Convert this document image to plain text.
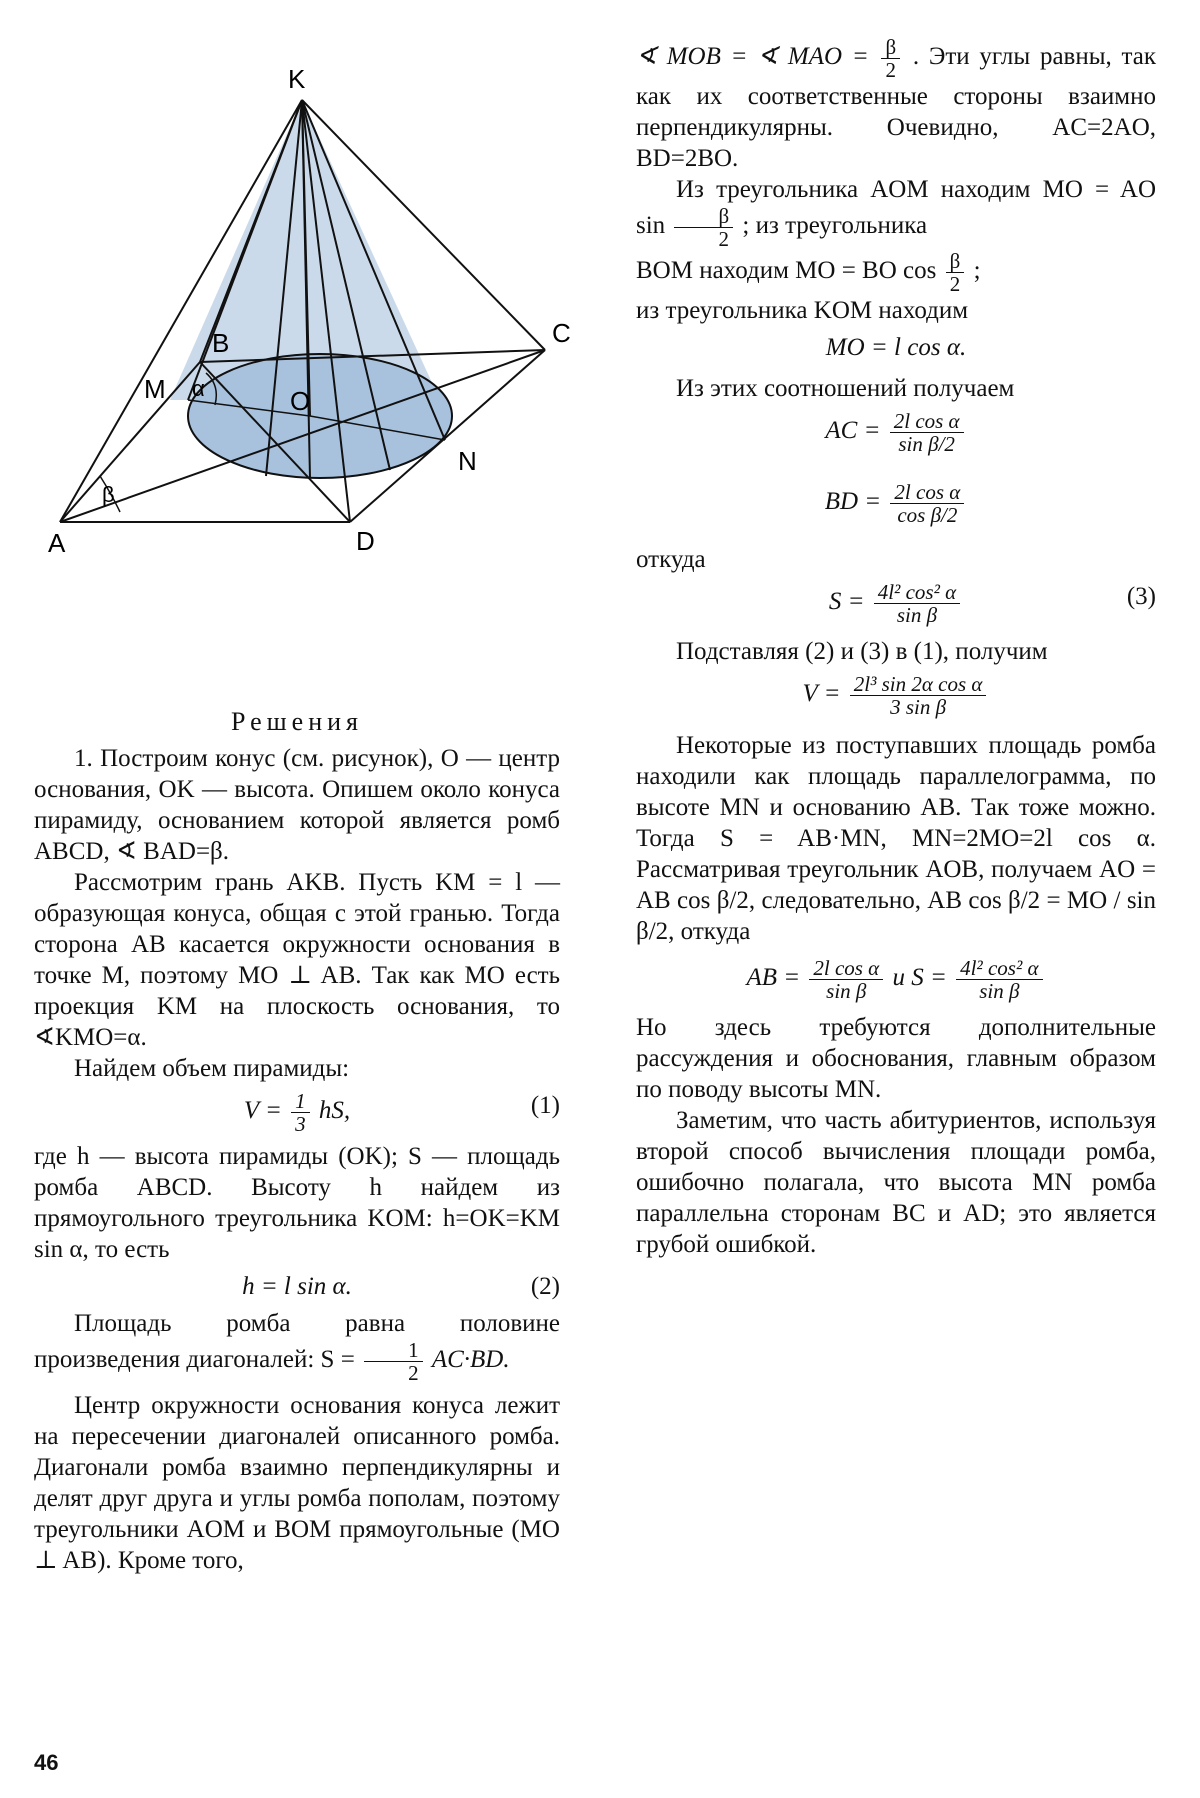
K
B	C
M α	O
N
A
β
D

Решения

1. Построим конус (см. рисунок), O — центр основания, OK — высота. Опишем около конуса пирамиду, основанием которой является ромб ABCD, ∢ BAD=β.

Рассмотрим грань AKB. Пусть KM = l — образующая конуса, общая с этой гранью. Тогда сторона AB касается окружности основания в точке M, поэтому MO ⊥ AB. Так как MO есть проекция KM на плоскость основания, то ∢KMO=α.

Найдем объем пирамиды:

$V = \frac{1}{3}$ hS,	(1)

где h — высота пирамиды (OK); S — площадь ромба ABCD. Высоту h найдем из прямоугольного треугольника KOM: h=OK=KM sin α, то есть

h = l sin α.	(2)

Площадь ромба равна половине произведения диагоналей: $S = \frac{1}{2} AC\cdot BD$.

Центр окружности основания конуса лежит на пересечении диагоналей описанного ромба. Диагонали ромба взаимно перпендикулярны и делят друг друга и углы ромба пополам, поэтому треугольники AOM и BOM прямоугольные (MO ⊥ AB). Кроме того,

∢ MOB = ∢ MAO = $\frac{\beta}{2}$ . Эти углы равны, так как их соответственные стороны взаимно перпендикулярны. Очевидно, AC=2AO, BD=2BO.

Из треугольника AOM находим MO = AO $\sin \frac{\beta}{2}$ ; из треугольника

BOM находим MO = BO $\cos \frac{\beta}{2}$ ;

из треугольника KOM находим

MO = l cos α.

Из этих соотношений получаем

AC = $\frac{\text{2l cos α}}{\text{sin β/2}}$
BD = $\frac{\text{2l cos α}}{\text{cos β/2}}$

откуда

$S = \frac{\text{4l² cos² α}}{\text{sin β}}$	(3)

Подставляя (2) и (3) в (1), получим

$V = \frac{\text{2l³ sin 2α cos α}}{\text{3 sin β}}$

Некоторые из поступавших площадь ромба находили как площадь параллелограмма, по высоте MN и основанию AB. Так тоже можно. Тогда S = AB·MN, MN=2MO=2l cos α. Рассматривая треугольник AOB, получаем AO = AB cos β/2, следовательно, AB cos β/2 = MO / sin β/2, откуда

AB = $\frac{\text{2l cos α}}{\text{sin β}}$ и $S = \frac{\text{4l² cos² α}}{\text{sin β}}$

Но здесь требуются дополнительные рассуждения и обоснования, главным образом по поводу высоты MN.

Заметим, что часть абитуриентов, используя второй способ вычисления площади ромба, ошибочно полагала, что высота MN ромба параллельна сторонам BC и AD; это является грубой ошибкой.

46
